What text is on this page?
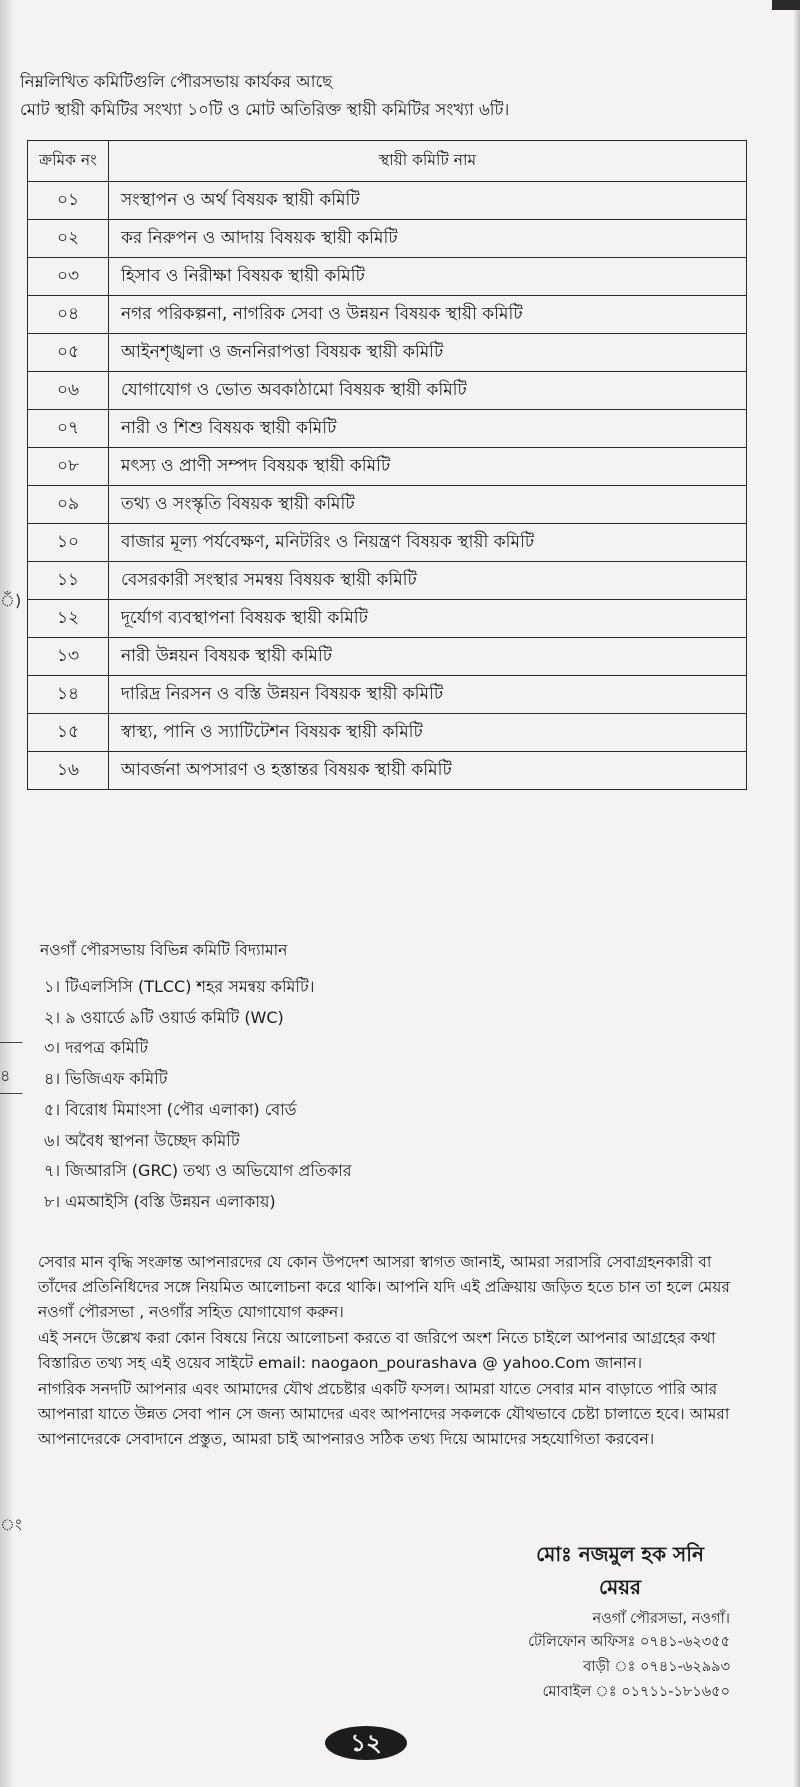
ঁ)
৪
ং
নিম্নলিখিত কমিটিগুলি পৌরসভায় কার্যকর আছে
মোট স্থায়ী কমিটির সংখ্যা ১০টি ও মোট অতিরিক্ত স্থায়ী কমিটির সংখ্যা ৬টি।
ক্রমিক নং	স্থায়ী কমিটি নাম
০১	সংস্থাপন ও অর্থ বিষয়ক স্থায়ী কমিটি
০২	কর নিরুপন ও আদায় বিষয়ক স্থায়ী কমিটি
০৩	হিসাব ও নিরীক্ষা বিষয়ক স্থায়ী কমিটি
০৪	নগর পরিকল্পনা, নাগরিক সেবা ও উন্নয়ন বিষয়ক স্থায়ী কমিটি
০৫	আইনশৃঙ্খলা ও জননিরাপত্তা বিষয়ক স্থায়ী কমিটি
০৬	যোগাযোগ ও ভোত অবকাঠামো বিষয়ক স্থায়ী কমিটি
০৭	নারী ও শিশু বিষয়ক স্থায়ী কমিটি
০৮	মৎস্য ও প্রাণী সম্পদ বিষয়ক স্থায়ী কমিটি
০৯	তথ্য ও সংস্কৃতি বিষয়ক স্থায়ী কমিটি
১০	বাজার মূল্য পর্যবেক্ষণ, মনিটরিং ও নিয়ন্ত্রণ বিষয়ক স্থায়ী কমিটি
১১	বেসরকারী সংস্থার সমন্বয় বিষয়ক স্থায়ী কমিটি
১২	দূর্যোগ ব্যবস্থাপনা বিষয়ক স্থায়ী কমিটি
১৩	নারী উন্নয়ন বিষয়ক স্থায়ী কমিটি
১৪	দারিদ্র নিরসন ও বস্তি উন্নয়ন বিষয়ক স্থায়ী কমিটি
১৫	স্বাস্থ্য, পানি ও স্যাটিটেশন বিষয়ক স্থায়ী কমিটি
১৬	আবর্জনা অপসারণ ও হস্তান্তর বিষয়ক স্থায়ী কমিটি
নওগাঁ পৌরসভায় বিভিন্ন কমিটি বিদ্যামান
১। টিএলসিসি (TLCC) শহর সমন্বয় কমিটি।
২। ৯ ওয়ার্ডে ৯টি ওয়ার্ড কমিটি (WC)
৩। দরপত্র কমিটি
৪। ভিজিএফ কমিটি
৫। বিরোধ মিমাংসা (পৌর এলাকা) বোর্ড
৬। অবৈধ স্থাপনা উচ্ছেদ কমিটি
৭। জিআরসি (GRC) তথ্য ও অভিযোগ প্রতিকার
৮। এমআইসি (বস্তি উন্নয়ন এলাকায়)
সেবার মান বৃদ্ধি সংক্রান্ত আপনারদের যে কোন উপদেশ আসরা স্বাগত জানাই, আমরা সরাসরি সেবাগ্রহনকারী বা তাঁদের প্রতিনিধিদের সঙ্গে নিয়মিত আলোচনা করে থাকি। আপনি যদি এই প্রক্রিয়ায় জড়িত হতে চান তা হলে মেয়র নওগাঁ পৌরসভা , নওগাঁর সহিত যোগাযোগ করুন।
এই সনদে উল্লেখ করা কোন বিষয়ে নিয়ে আলোচনা করতে বা জরিপে অংশ নিতে চাইলে আপনার আগ্রহের কথা বিস্তারিত তথ্য সহ এই ওয়েব সাইটে email: naogaon_pourashava @ yahoo.Com জানান।
নাগরিক সনদটি আপনার এবং আমাদের যৌথ প্রচেষ্টার একটি ফসল। আমরা যাতে সেবার মান বাড়াতে পারি আর আপনারা যাতে উন্নত সেবা পান সে জন্য আমাদের এবং আপনাদের সকলকে যৌথভাবে চেষ্টা চালাতে হবে। আমরা আপনাদেরকে সেবাদানে প্রস্তুত, আমরা চাই আপনারও সঠিক তথ্য দিয়ে আমাদের সহযোগিতা করবেন।
মোঃ নজমুল হক সনি
মেয়র
নওগাঁ পৌরসভা, নওগাঁ।
টেলিফোন অফিসঃ ০৭৪১-৬২৩৫৫
বাড়ী ঃ ০৭৪১-৬২৯৯৩
মোবাইল ঃ ০১৭১১-১৮১৬৫০
১২
